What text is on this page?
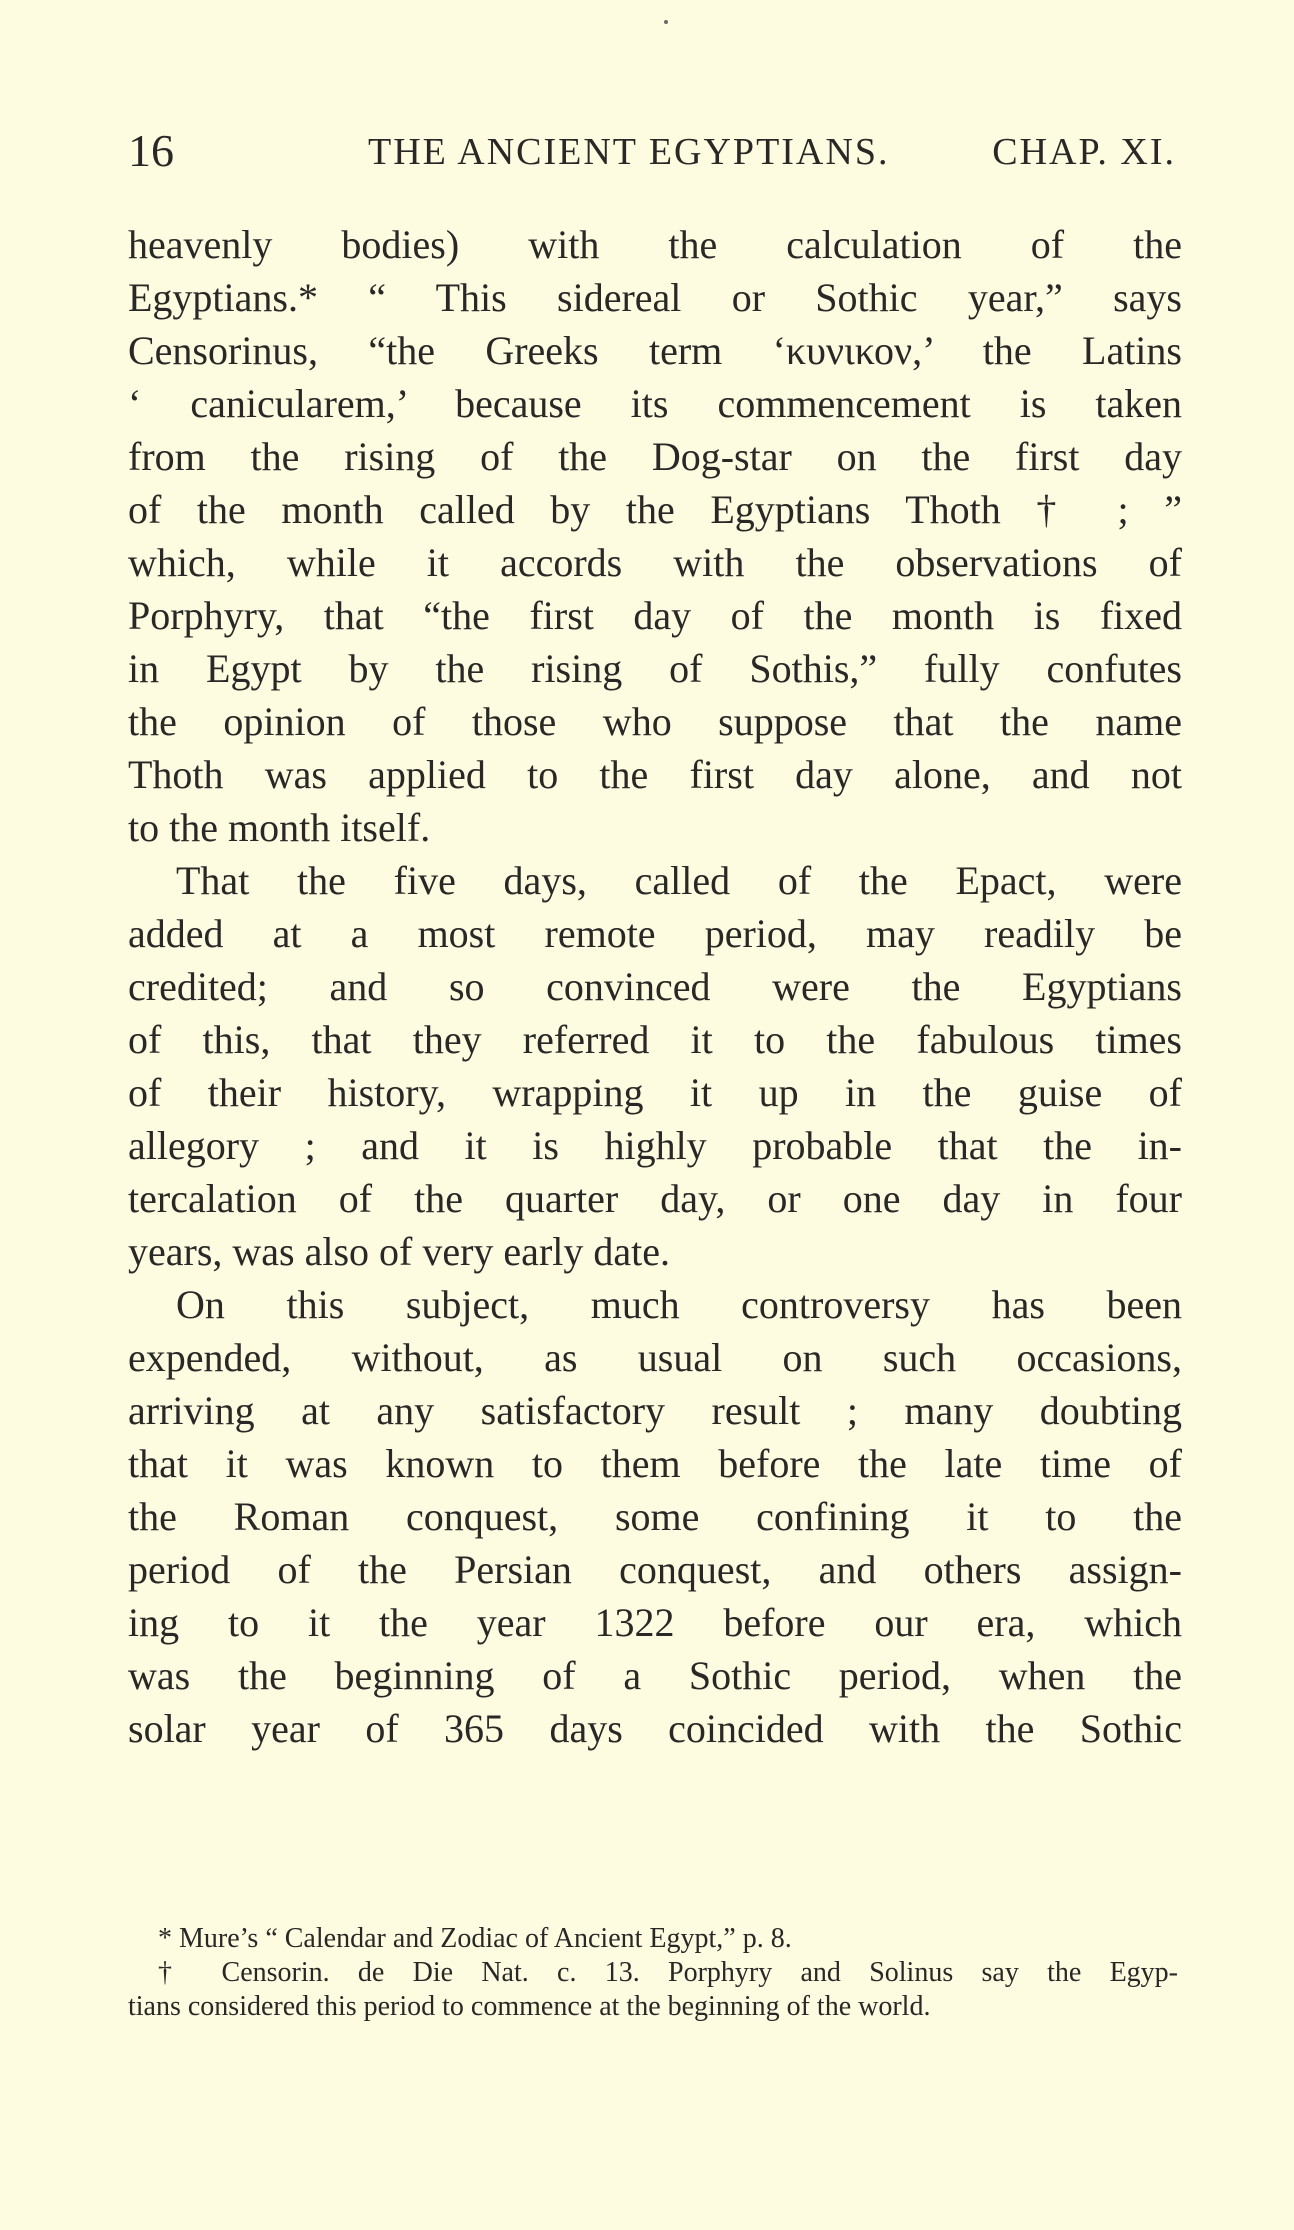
16	THE ANCIENT EGYPTIANS.	CHAP. XI.
heavenly bodies) with the calculation of the
Egyptians.* “ This sidereal or Sothic year,” says
Censorinus, “the Greeks term ‘κυνικον,’ the Latins
‘ canicularem,’ because its commencement is taken
from the rising of the Dog-star on the first day
of the month called by the Egyptians Thoth † ; ”
which, while it accords with the observations of
Porphyry, that “the first day of the month is fixed
in Egypt by the rising of Sothis,” fully confutes
the opinion of those who suppose that the name
Thoth was applied to the first day alone, and not
to the month itself.
That the five days, called of the Epact, were
added at a most remote period, may readily be
credited; and so convinced were the Egyptians
of this, that they referred it to the fabulous times
of their history, wrapping it up in the guise of
allegory ; and it is highly probable that the in-
tercalation of the quarter day, or one day in four
years, was also of very early date.
On this subject, much controversy has been
expended, without, as usual on such occasions,
arriving at any satisfactory result ; many doubting
that it was known to them before the late time of
the Roman conquest, some confining it to the
period of the Persian conquest, and others assign-
ing to it the year 1322 before our era, which
was the beginning of a Sothic period, when the
solar year of 365 days coincided with the Sothic
* Mure’s “ Calendar and Zodiac of Ancient Egypt,” p. 8.
† Censorin. de Die Nat. c. 13. Porphyry and Solinus say the Egyp-
tians considered this period to commence at the beginning of the world.
